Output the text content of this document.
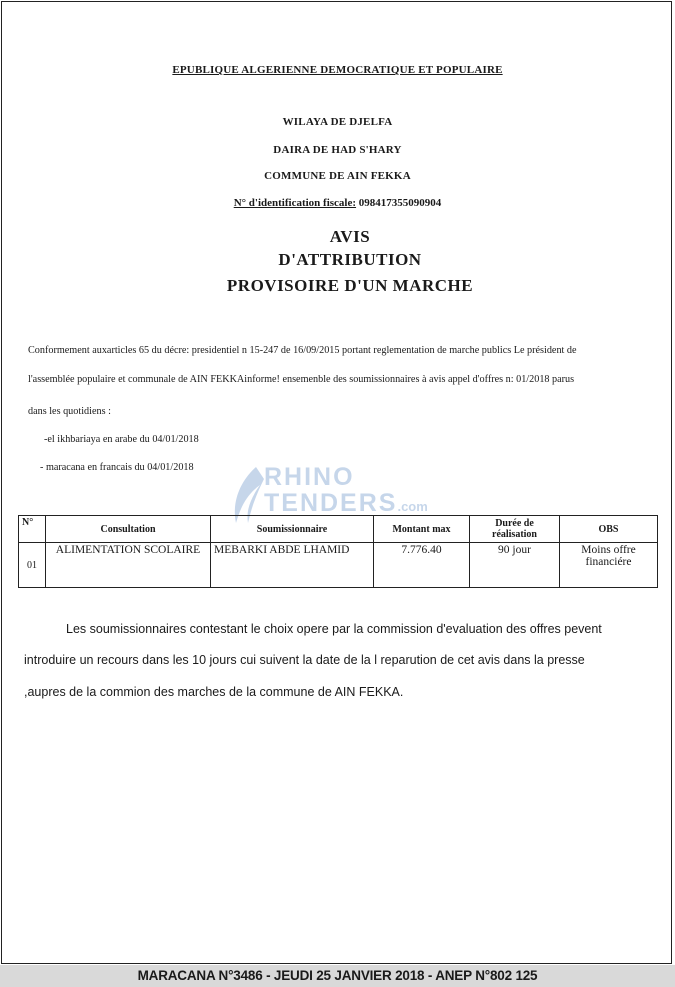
EPUBLIQUE ALGERIENNE DEMOCRATIQUE ET POPULAIRE
WILAYA DE DJELFA
DAIRA DE HAD S'HARY
COMMUNE DE AIN FEKKA
N° d'identification fiscale: 098417355090904
AVIS
D'ATTRIBUTION
PROVISOIRE D'UN MARCHE
Conformement auxarticles 65 du décre: presidentiel n 15-247 de 16/09/2015 portant reglementation de marche publics Le président de
l'assemblée populaire et communale de AIN FEKKAinforme! ensemenble des soumissionnaires à avis appel d'offres n: 01/2018 parus
dans les quotidiens :
-el ikhbariaya en arabe du 04/01/2018
- maracana en francais du 04/01/2018	RHINO
TENDERS.com
N°	Consultation	Soumissionnaire	Montant max	Durée de réalisation	OBS
01	ALIMENTATION SCOLAIRE	MEBARKI ABDE LHAMID	7.776.40	90 jour	Moins offre financiére
Les soumissionnaires contestant le choix opere par la commission d'evaluation des offres pevent
introduire un recours dans les 10 jours cui suivent la date de la l reparution de cet avis dans la presse
,aupres de la commion des marches de la commune de AIN FEKKA.
MARACANA N°3486 - JEUDI 25 JANVIER 2018 - ANEP N°802 125
